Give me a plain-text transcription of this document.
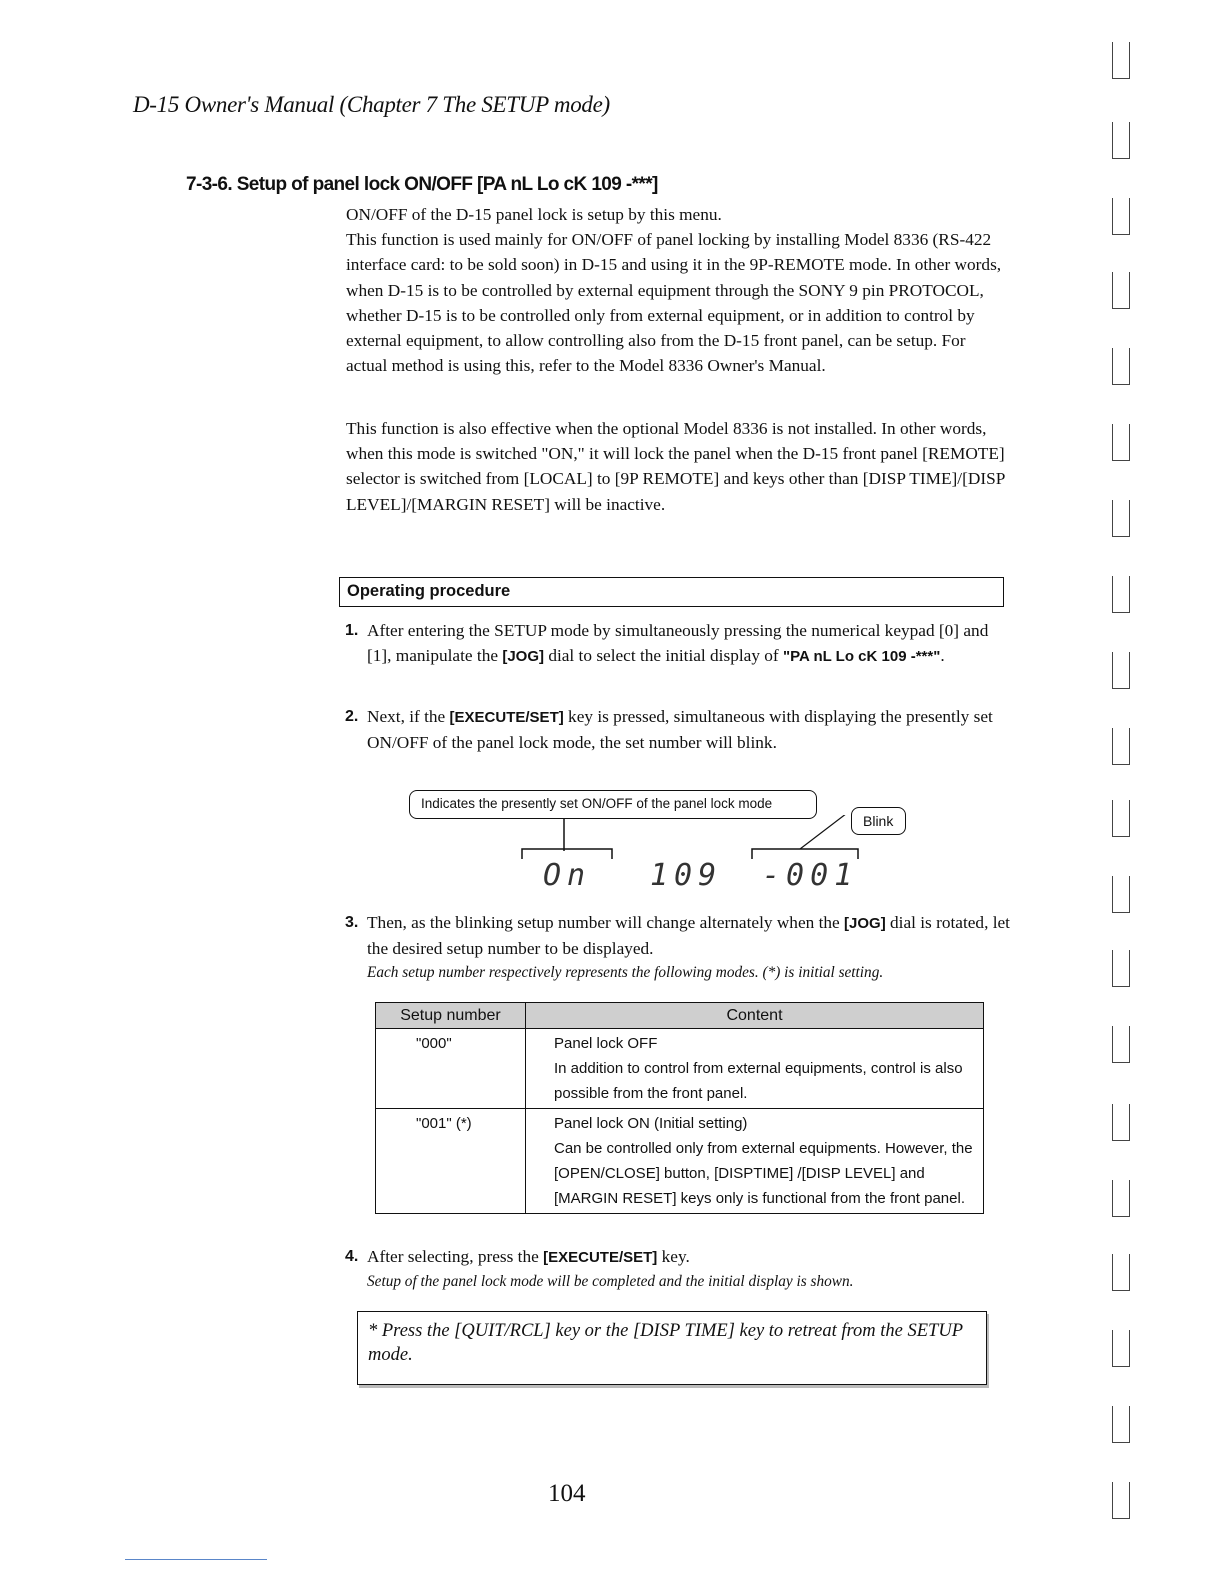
D-15 Owner's Manual (Chapter 7 The SETUP mode)
7-3-6. Setup of panel lock ON/OFF [PA nL Lo cK 109 -***]

ON/OFF of the D-15 panel lock is setup by this menu.

This function is used mainly for ON/OFF of panel locking by installing Model 8336 (RS-422 interface card: to be sold soon) in D-15 and using it in the 9P-REMOTE mode. In other words, when D-15 is to be controlled by external equipment through the SONY 9 pin PROTOCOL, whether D-15 is to be controlled only from external equipment, or in addition to control by external equipment, to allow controlling also from the D-15 front panel, can be setup. For actual method is using this, refer to the Model 8336 Owner's Manual.

This function is also effective when the optional Model 8336 is not installed. In other words, when this mode is switched "ON," it will lock the panel when the D-15 front panel [REMOTE] selector is switched from [LOCAL] to [9P REMOTE] and keys other than [DISP TIME]/[DISP LEVEL]/[MARGIN RESET] will be inactive.

Operating procedure
1. After entering the SETUP mode by simultaneously pressing the numerical keypad [0] and [1], manipulate the [JOG] dial to select the initial display of "PA nL Lo cK 109 -***".
2. Next, if the [EXECUTE/SET] key is pressed, simultaneous with displaying the presently set ON/OFF of the panel lock mode, the set number will blink.
Indicates the presently set ON/OFF of the panel lock mode
Blink
On 109 -001
3. Then, as the blinking setup number will change alternately when the [JOG] dial is rotated, let the desired setup number to be displayed.
Each setup number respectively represents the following modes. (*) is initial setting.
Setup number	Content
"000"	Panel lock OFF
In addition to control from external equipments, control is also possible from the front panel.

"001" (*)	Panel lock ON (Initial setting)
Can be controlled only from external equipments. However, the [OPEN/CLOSE] button, [DISPTIME] /[DISP LEVEL] and [MARGIN RESET] keys only is functional from the front panel.
4. After selecting, press the [EXECUTE/SET] key.
Setup of the panel lock mode will be completed and the initial display is shown.
* Press the [QUIT/RCL] key or the [DISP TIME] key to retreat from the SETUP mode.
104
